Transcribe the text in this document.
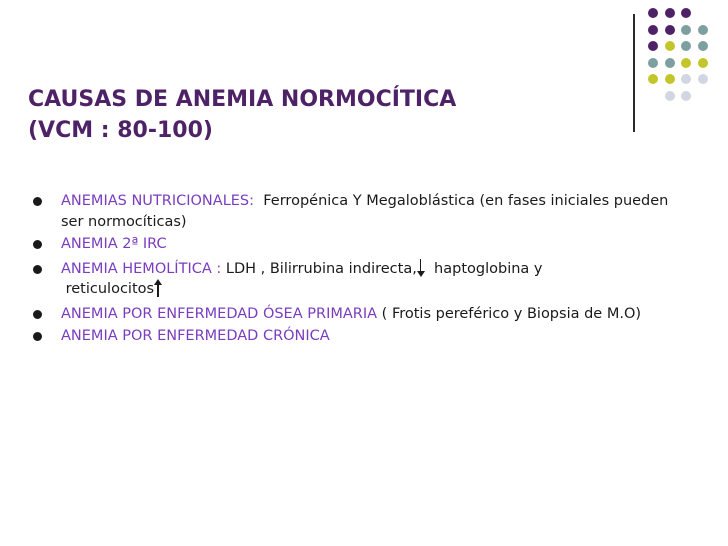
CAUSAS DE ANEMIA NORMOCÍTICA
(VCM : 80-100)
ANEMIAS NUTRICIONALES: Ferropénica Y Megaloblástica (en fases iniciales pueden ser normocíticas)
ANEMIA 2ª IRC
ANEMIA HEMOLÍTICA : LDH , Bilirrubina indirecta, haptoglobina y
reticulocitos
ANEMIA POR ENFERMEDAD ÓSEA PRIMARIA ( Frotis pereférico y Biopsia de M.O)
ANEMIA POR ENFERMEDAD CRÓNICA
